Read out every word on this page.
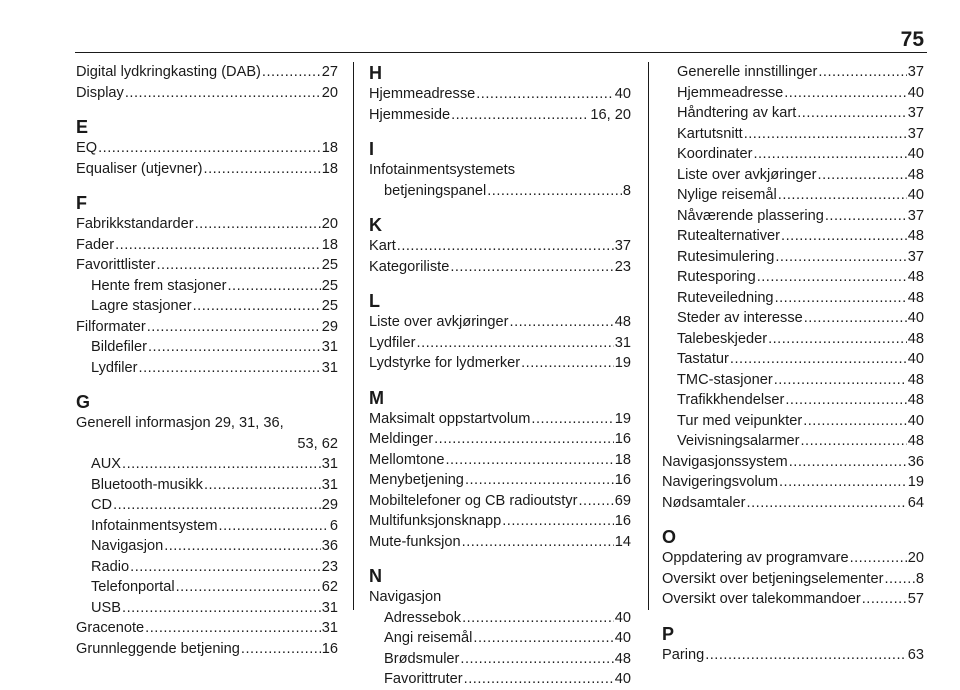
75
Digital lydkringkasting (DAB) .....	27
Display .....	20
E
EQ .....	18
Equaliser (utjevner) .....	18
F
Fabrikkstandarder .....	20
Fader .....	18
Favorittlister .....	25
Hente frem stasjoner .....	25
Lagre stasjoner .....	25
Filformater .....	29
Bildefiler .....	31
Lydfiler .....	31
G
Generell informasjon 29, 31, 36,
53, 62
AUX .....	31
Bluetooth-musikk .....	31
CD .....	29
Infotainmentsystem .....	6
Navigasjon .....	36
Radio .....	23
Telefonportal .....	62
USB .....	31
Gracenote .....	31
Grunnleggende betjening .....	16
H
Hjemmeadresse .....	40
Hjemmeside .....	16, 20
I
Infotainmentsystemets
betjeningspanel .....	8
K
Kart .....	37
Kategoriliste .....	23
L
Liste over avkjøringer .....	48
Lydfiler .....	31
Lydstyrke for lydmerker .....	19
M
Maksimalt oppstartvolum .....	19
Meldinger .....	16
Mellomtone .....	18
Menybetjening .....	16
Mobiltelefoner og CB radioutstyr .....	69
Multifunksjonsknapp .....	16
Mute-funksjon .....	14
N
Navigasjon
Adressebok .....	40
Angi reisemål .....	40
Brødsmuler .....	48
Favorittruter .....	40
Generelle innstillinger .....	37
Hjemmeadresse .....	40
Håndtering av kart .....	37
Kartutsnitt .....	37
Koordinater .....	40
Liste over avkjøringer .....	48
Nylige reisemål .....	40
Nåværende plassering .....	37
Rutealternativer .....	48
Rutesimulering .....	37
Rutesporing .....	48
Ruteveiledning .....	48
Steder av interesse .....	40
Talebeskjeder .....	48
Tastatur .....	40
TMC-stasjoner .....	48
Trafikkhendelser .....	48
Tur med veipunkter .....	40
Veivisningsalarmer .....	48
Navigasjonssystem .....	36
Navigeringsvolum .....	19
Nødsamtaler .....	64
O
Oppdatering av programvare .....	20
Oversikt over betjeningselementer ..... 8
Oversikt over talekommandoer .....	57
P
Paring .....	63
